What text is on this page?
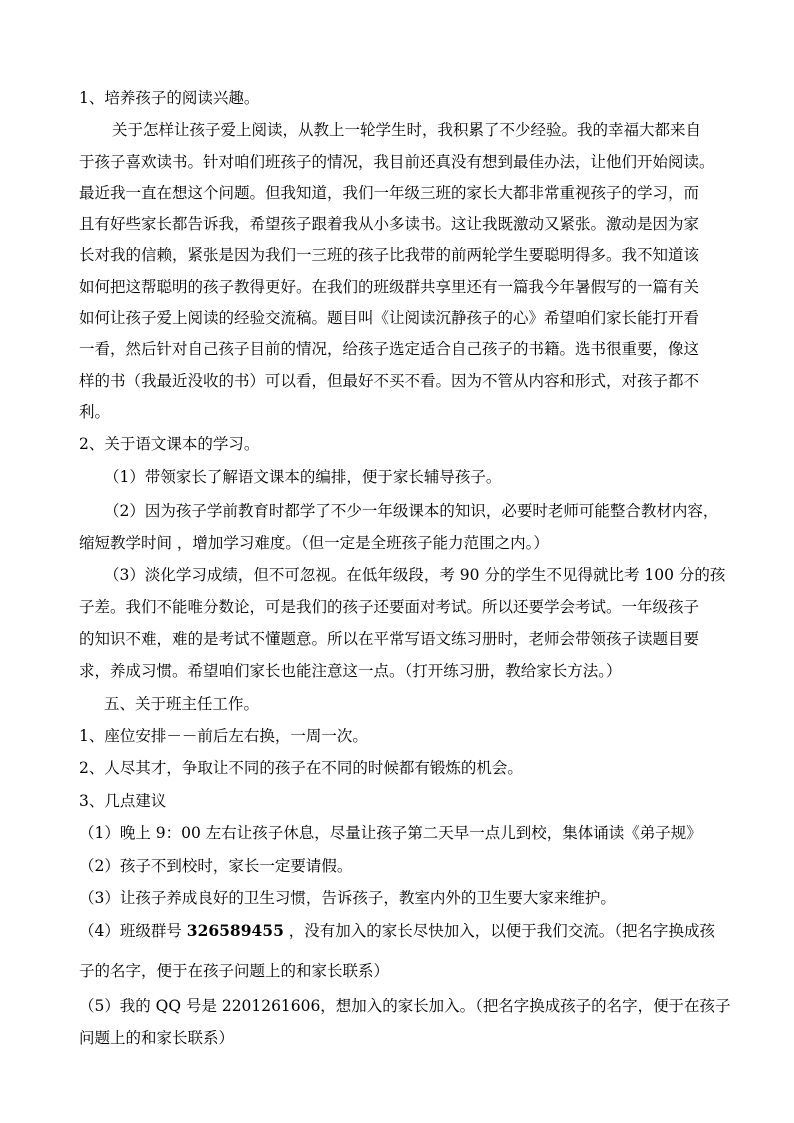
1、培养孩子的阅读兴趣。
关于怎样让孩子爱上阅读，从教上一轮学生时，我积累了不少经验。我的幸福大都来自
于孩子喜欢读书。针对咱们班孩子的情况，我目前还真没有想到最佳办法，让他们开始阅读。
最近我一直在想这个问题。但我知道，我们一年级三班的家长大都非常重视孩子的学习，而
且有好些家长都告诉我，希望孩子跟着我从小多读书。这让我既激动又紧张。激动是因为家
长对我的信赖，紧张是因为我们一三班的孩子比我带的前两轮学生要聪明得多。我不知道该
如何把这帮聪明的孩子教得更好。在我们的班级群共享里还有一篇我今年暑假写的一篇有关
如何让孩子爱上阅读的经验交流稿。题目叫《让阅读沉静孩子的心》希望咱们家长能打开看
一看，然后针对自己孩子目前的情况，给孩子选定适合自己孩子的书籍。选书很重要，像这
样的书（我最近没收的书）可以看，但最好不买不看。因为不管从内容和形式，对孩子都不
利。
2、关于语文课本的学习。
（1）带领家长了解语文课本的编排，便于家长辅导孩子。
（2）因为孩子学前教育时都学了不少一年级课本的知识，必要时老师可能整合教材内容，
缩短教学时间 ，增加学习难度。（但一定是全班孩子能力范围之内。）
（3）淡化学习成绩，但不可忽视。在低年级段，考 90 分的学生不见得就比考 100 分的孩
子差。我们不能唯分数论，可是我们的孩子还要面对考试。所以还要学会考试。一年级孩子
的知识不难，难的是考试不懂题意。所以在平常写语文练习册时，老师会带领孩子读题目要
求，养成习惯。希望咱们家长也能注意这一点。（打开练习册，教给家长方法。）
五、关于班主任工作。
1、座位安排－－前后左右换，一周一次。
2、人尽其才，争取让不同的孩子在不同的时候都有锻炼的机会。
3、几点建议
（1）晚上 9：00 左右让孩子休息，尽量让孩子第二天早一点儿到校，集体诵读《弟子规》
（2）孩子不到校时，家长一定要请假。
（3）让孩子养成良好的卫生习惯，告诉孩子，教室内外的卫生要大家来维护。
（4）班级群号 326589455 ，没有加入的家长尽快加入，以便于我们交流。（把名字换成孩
子的名字，便于在孩子问题上的和家长联系）
（5）我的 QQ 号是 2201261606，想加入的家长加入。（把名字换成孩子的名字，便于在孩子
问题上的和家长联系）
